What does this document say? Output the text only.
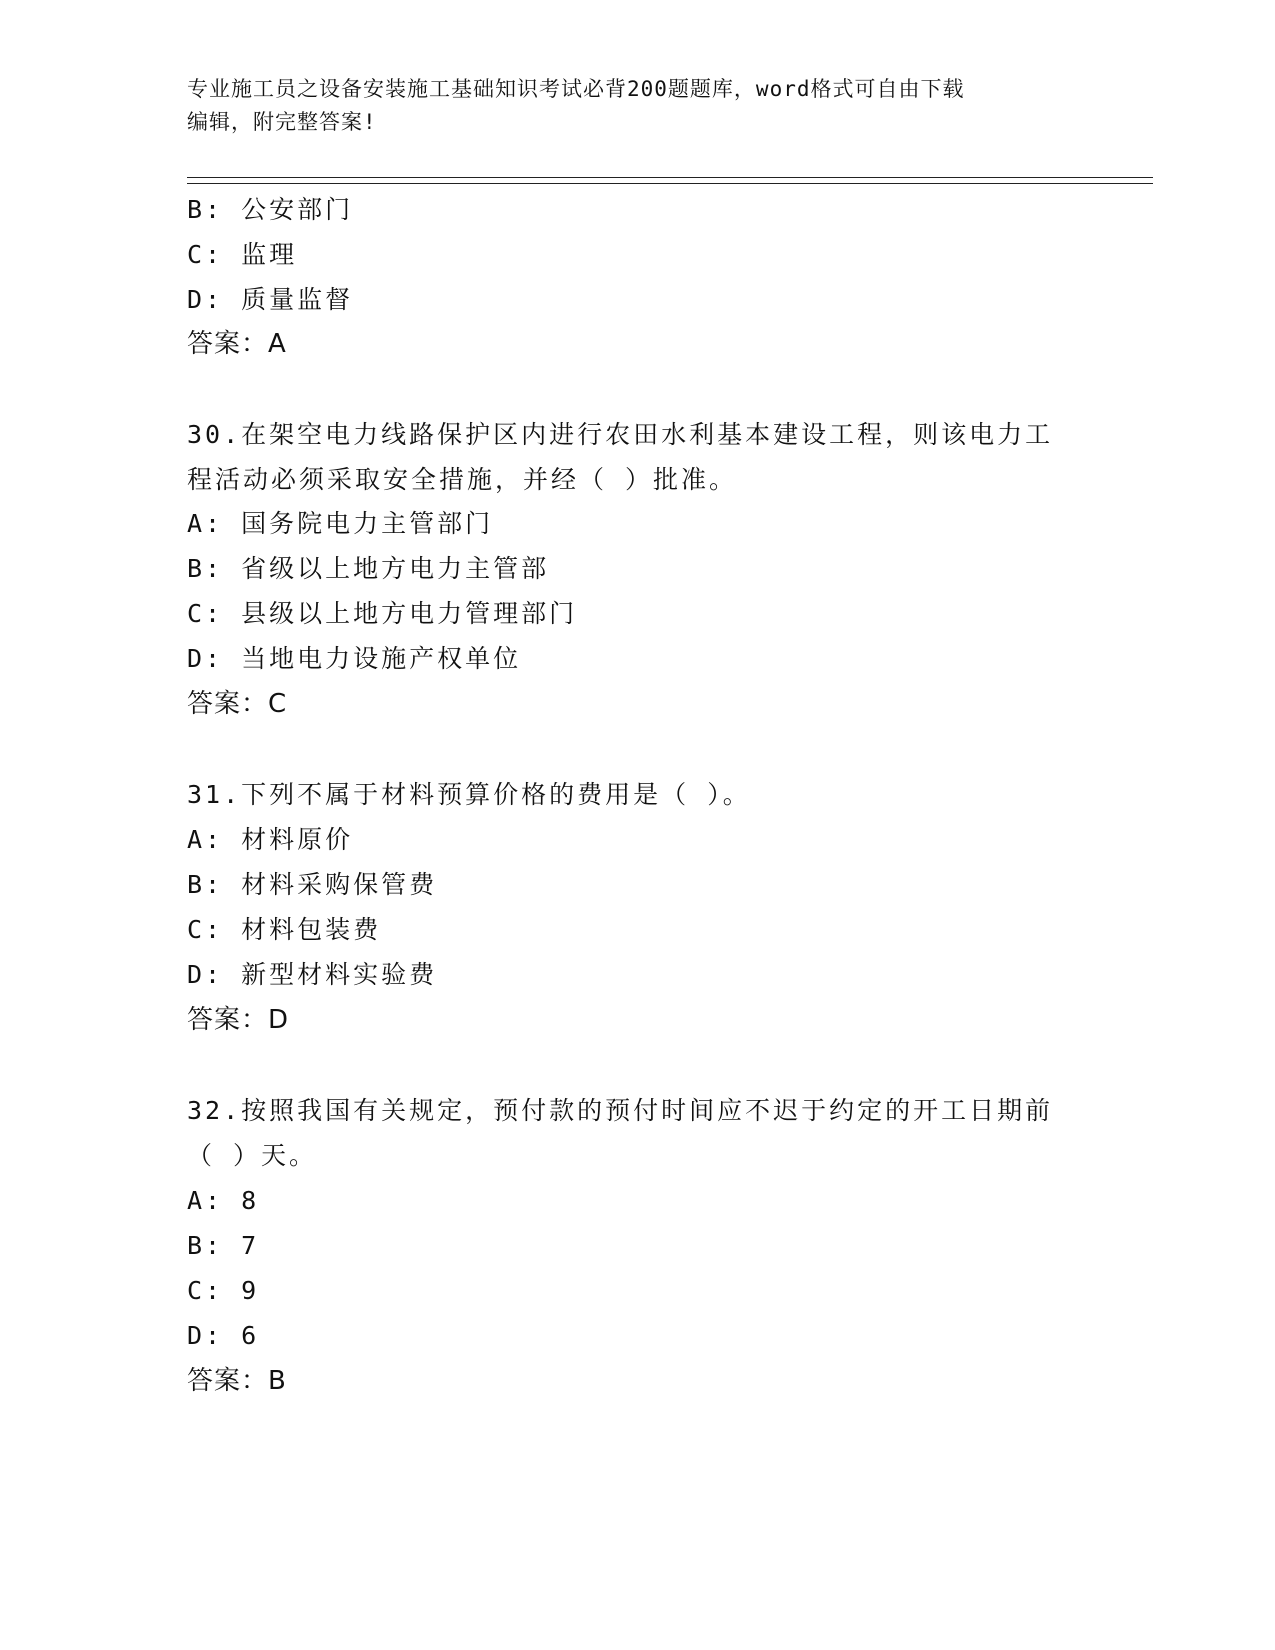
专业施工员之设备安装施工基础知识考试必背200题题库，word格式可自由下载
编辑，附完整答案!
B: 公安部门
C: 监理
D: 质量监督
答案：A
30.在架空电力线路保护区内进行农田水利基本建设工程，则该电力工
程活动必须采取安全措施，并经（ ）批准。
A: 国务院电力主管部门
B: 省级以上地方电力主管部
C: 县级以上地方电力管理部门
D: 当地电力设施产权单位
答案：C
31.下列不属于材料预算价格的费用是（ ）。
A: 材料原价
B: 材料采购保管费
C: 材料包装费
D: 新型材料实验费
答案：D
32.按照我国有关规定，预付款的预付时间应不迟于约定的开工日期前
（ ）天。
A: 8
B: 7
C: 9
D: 6
答案：B
